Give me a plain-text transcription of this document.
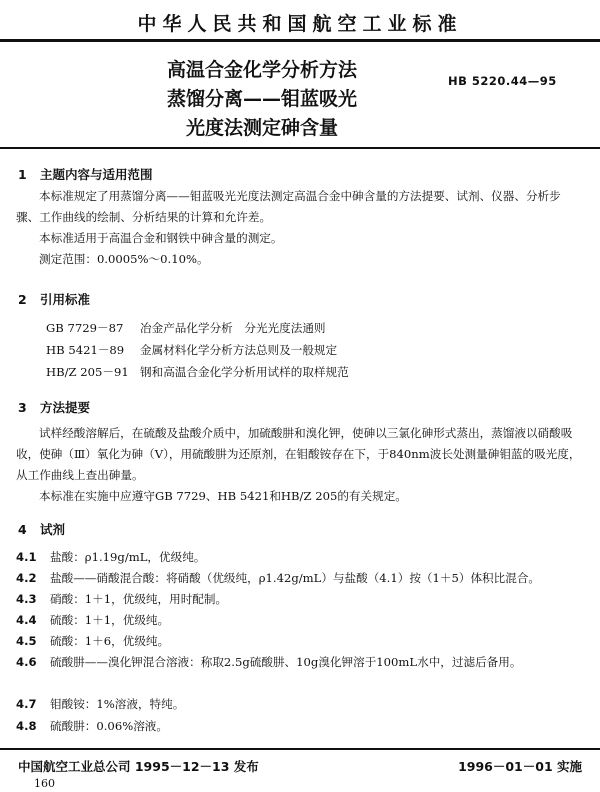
中华人民共和国航空工业标准
高温合金化学分析方法
蒸馏分离——钼蓝吸光
光度法测定砷含量
HB 5220.44—95
1 主题内容与适用范围
本标准规定了用蒸馏分离——钼蓝吸光光度法测定高温合金中砷含量的方法提要、试剂、仪器、分析步骤、工作曲线的绘制、分析结果的计算和允许差。
本标准适用于高温合金和钢铁中砷含量的测定。
测定范围：0.0005%～0.10%。
2 引用标准
GB 7729－87 冶金产品化学分析　分光光度法通则
HB 5421－89 金属材料化学分析方法总则及一般规定
HB/Z 205－91 钢和高温合金化学分析用试样的取样规范
3 方法提要
试样经酸溶解后，在硫酸及盐酸介质中，加硫酸肼和溴化钾，使砷以三氯化砷形式蒸出，蒸馏液以硝酸吸收，使砷（Ⅲ）氧化为砷（Ⅴ），用硫酸肼为还原剂，在钼酸铵存在下，于840nm波长处测量砷钼蓝的吸光度，从工作曲线上查出砷量。
本标准在实施中应遵守GB 7729、HB 5421和HB/Z 205的有关规定。
4 试剂
4.1 盐酸：ρ1.19g/mL，优级纯。
4.2 盐酸——硝酸混合酸：将硝酸（优级纯，ρ1.42g/mL）与盐酸（4.1）按（1＋5）体积比混合。
4.3 硝酸：1＋1，优级纯，用时配制。
4.4 硫酸：1＋1，优级纯。
4.5 硫酸：1＋6，优级纯。
4.6 硫酸肼——溴化钾混合溶液：称取2.5g硫酸肼、10g溴化钾溶于100mL水中，过滤后备用。
4.7 钼酸铵：1%溶液，特纯。
4.8 硫酸肼：0.06%溶液。
中国航空工业总公司 1995－12－13 发布	1996－01－01 实施
160
